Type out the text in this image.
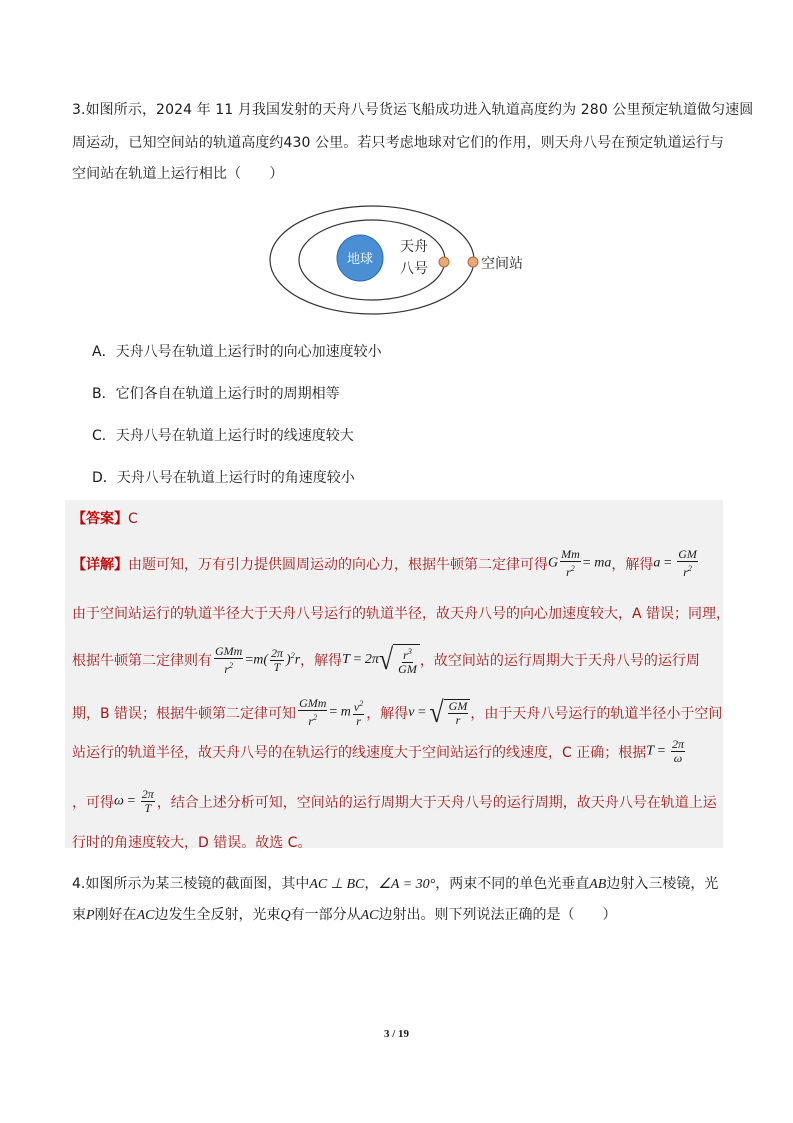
3.如图所示，2024 年 11 月我国发射的天舟八号货运飞船成功进入轨道高度约为 280 公里预定轨道做匀速圆
周运动，已知空间站的轨道高度约430 公里。若只考虑地球对它们的作用，则天舟八号在预定轨道运行与
空间站在轨道上运行相比（　　）
地球
天舟
八号	空间站
A．天舟八号在轨道上运行时的向心加速度较小
B．它们各自在轨道上运行时的周期相等
C．天舟八号在轨道上运行时的线速度较大
D．天舟八号在轨道上运行时的角速度较小
【答案】C
【详解】 由题可知，万有引力提供圆周运动的向心力，根据牛顿第二定律可得 G $\frac{Mm}{r^2}$ = ma ，解得 $a = \frac{GM}{r^2}$
由于空间站运行的轨道半径大于天舟八号运行的轨道半径，故天舟八号的向心加速度较大，A 错误；同理，
根据牛顿第二定律则有 $\frac{\text{GMm}}{r^2} =m( \frac{2\pi}{T} )^2r$ ，解得 T = 2π √ $\frac{r^3}{GM}$ ，故空间站的运行周期大于天舟八号的运行周
期，B 错误；根据牛顿第二定律可知 $\frac{\text{GMm}}{r^2} = m \frac{v^2}{r}$ ，解得 v = √ $\frac{GM}{r}$ ，由于天舟八号运行的轨道半径小于空间
站运行的轨道半径，故天舟八号的在轨运行的线速度大于空间站运行的线速度，C 正确；根据 $T = \frac{2\pi}{\omega}$
，可得 $\omega = \frac{2\pi}{T}$ ，结合上述分析可知，空间站的运行周期大于天舟八号的运行周期，故天舟八号在轨道上运
行时的角速度较大，D 错误。故选 C。
4.如图所示为某三棱镜的截面图，其中AC ⊥ BC，∠A = 30°，两束不同的单色光垂直AB边射入三棱镜，光
束P刚好在AC边发生全反射，光束Q有一部分从AC边射出。则下列说法正确的是（　　）
3 / 19
